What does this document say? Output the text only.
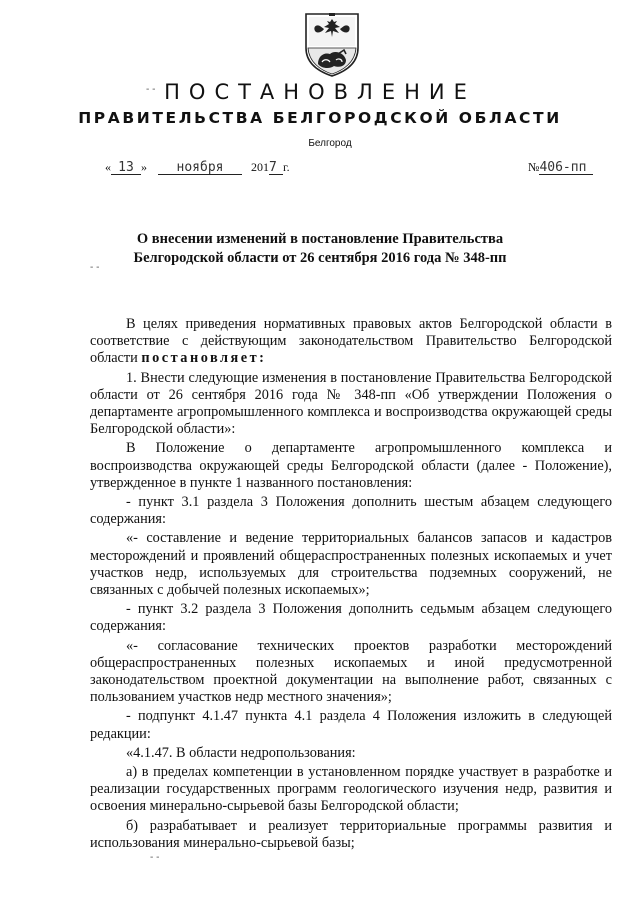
ПОСТАНОВЛЕНИЕ
ПРАВИТЕЛЬСТВА БЕЛГОРОДСКОЙ ОБЛАСТИ
Белгород
« 13 » ноября 2017 г.	№406-пп
О внесении изменений в постановление Правительства
Белгородской области от 26 сентября 2016 года № 348-пп

В целях приведения нормативных правовых актов Белгородской области в соответствие с действующим законодательством Правительство Белгородской области постановляет:

1. Внести следующие изменения в постановление Правительства Белгородской области от 26 сентября 2016 года № 348-пп «Об утверждении Положения о департаменте агропромышленного комплекса и воспроизводства окружающей среды Белгородской области»:

В Положение о департаменте агропромышленного комплекса и воспроизводства окружающей среды Белгородской области (далее - Положение), утвержденное в пункте 1 названного постановления:

- пункт 3.1 раздела 3 Положения дополнить шестым абзацем следующего содержания:

«- составление и ведение территориальных балансов запасов и кадастров месторождений и проявлений общераспространенных полезных ископаемых и учет участков недр, используемых для строительства подземных сооружений, не связанных с добычей полезных ископаемых»;

- пункт 3.2 раздела 3 Положения дополнить седьмым абзацем следующего содержания:

«- согласование технических проектов разработки месторождений общераспространенных полезных ископаемых и иной предусмотренной законодательством проектной документации на выполнение работ, связанных с пользованием участков недр местного значения»;

- подпункт 4.1.47 пункта 4.1 раздела 4 Положения изложить в следующей редакции:

«4.1.47. В области недропользования:

а) в пределах компетенции в установленном порядке участвует в разработке и реализации государственных программ геологического изучения недр, развития и освоения минерально-сырьевой базы Белгородской области;

б) разрабатывает и реализует территориальные программы развития и использования минерально-сырьевой базы;

- -
- -
- -
